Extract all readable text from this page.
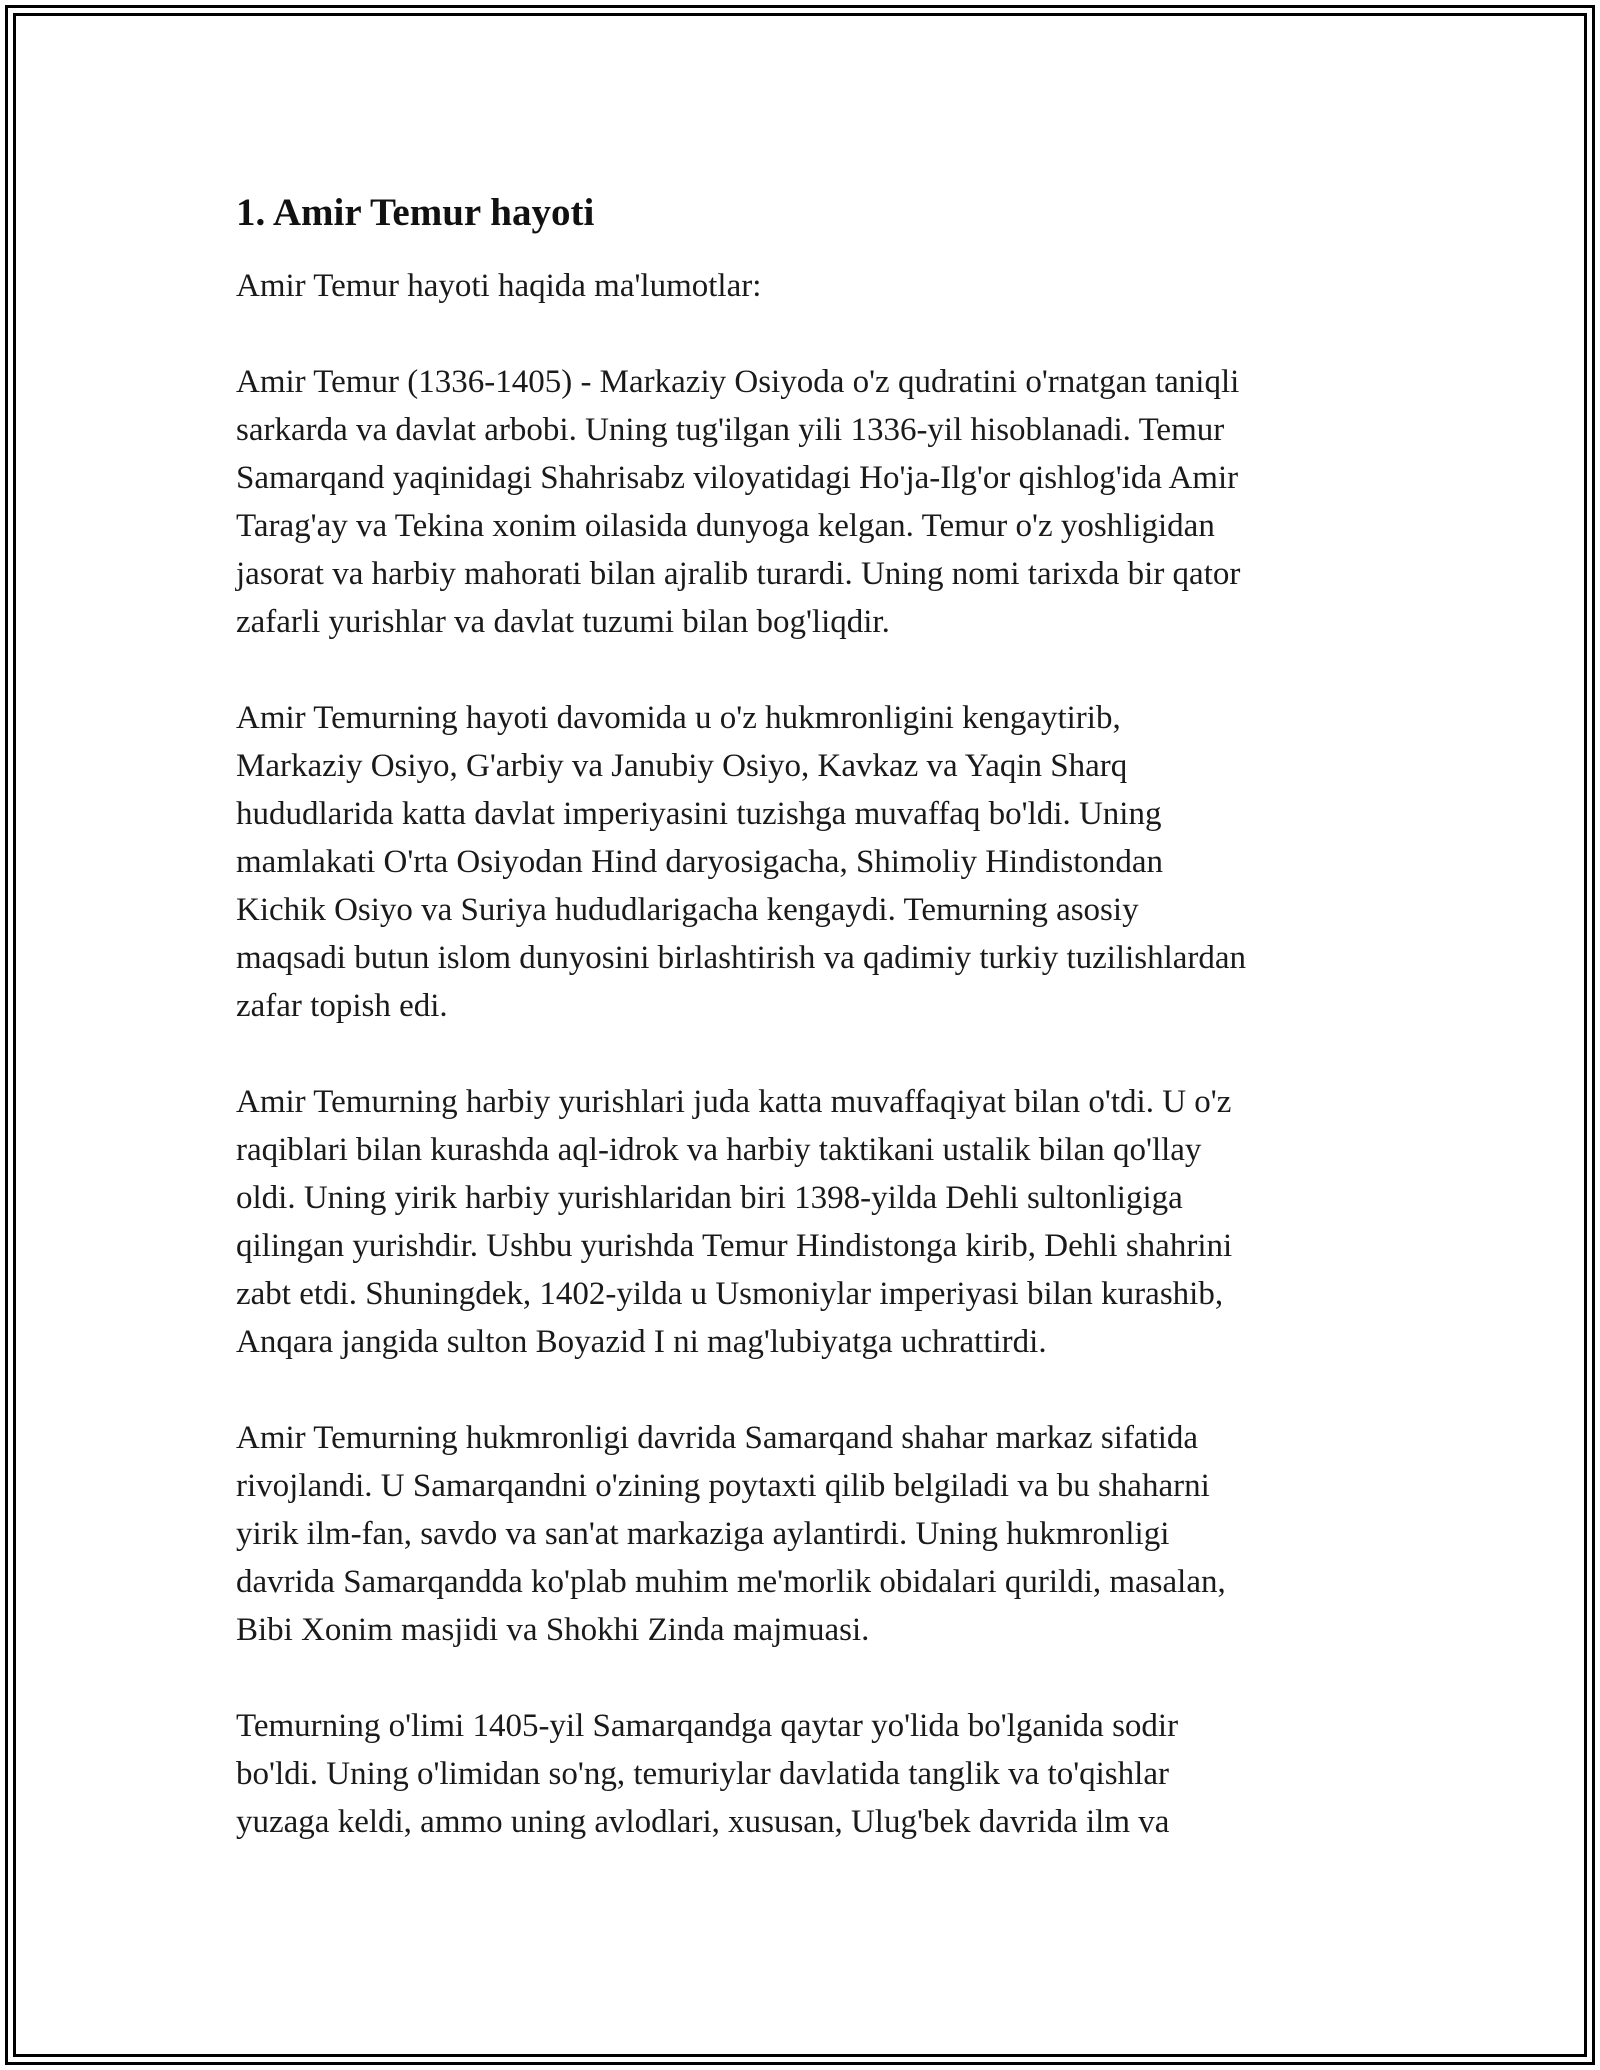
1. Amir Temur hayoti

Amir Temur hayoti haqida ma'lumotlar:

Amir Temur (1336-1405) - Markaziy Osiyoda o'z qudratini o'rnatgan taniqli
sarkarda va davlat arbobi. Uning tug'ilgan yili 1336-yil hisoblanadi. Temur
Samarqand yaqinidagi Shahrisabz viloyatidagi Ho'ja-Ilg'or qishlog'ida Amir
Tarag'ay va Tekina xonim oilasida dunyoga kelgan. Temur o'z yoshligidan
jasorat va harbiy mahorati bilan ajralib turardi. Uning nomi tarixda bir qator
zafarli yurishlar va davlat tuzumi bilan bog'liqdir.

Amir Temurning hayoti davomida u o'z hukmronligini kengaytirib,
Markaziy Osiyo, G'arbiy va Janubiy Osiyo, Kavkaz va Yaqin Sharq
hududlarida katta davlat imperiyasini tuzishga muvaffaq bo'ldi. Uning
mamlakati O'rta Osiyodan Hind daryosigacha, Shimoliy Hindistondan
Kichik Osiyo va Suriya hududlarigacha kengaydi. Temurning asosiy
maqsadi butun islom dunyosini birlashtirish va qadimiy turkiy tuzilishlardan
zafar topish edi.

Amir Temurning harbiy yurishlari juda katta muvaffaqiyat bilan o'tdi. U o'z
raqiblari bilan kurashda aql-idrok va harbiy taktikani ustalik bilan qo'llay
oldi. Uning yirik harbiy yurishlaridan biri 1398-yilda Dehli sultonligiga
qilingan yurishdir. Ushbu yurishda Temur Hindistonga kirib, Dehli shahrini
zabt etdi. Shuningdek, 1402-yilda u Usmoniylar imperiyasi bilan kurashib,
Anqara jangida sulton Boyazid I ni mag'lubiyatga uchrattirdi.

Amir Temurning hukmronligi davrida Samarqand shahar markaz sifatida
rivojlandi. U Samarqandni o'zining poytaxti qilib belgiladi va bu shaharni
yirik ilm-fan, savdo va san'at markaziga aylantirdi. Uning hukmronligi
davrida Samarqandda ko'plab muhim me'morlik obidalari qurildi, masalan,
Bibi Xonim masjidi va Shokhi Zinda majmuasi.

Temurning o'limi 1405-yil Samarqandga qaytar yo'lida bo'lganida sodir
bo'ldi. Uning o'limidan so'ng, temuriylar davlatida tanglik va to'qishlar
yuzaga keldi, ammo uning avlodlari, xususan, Ulug'bek davrida ilm va
